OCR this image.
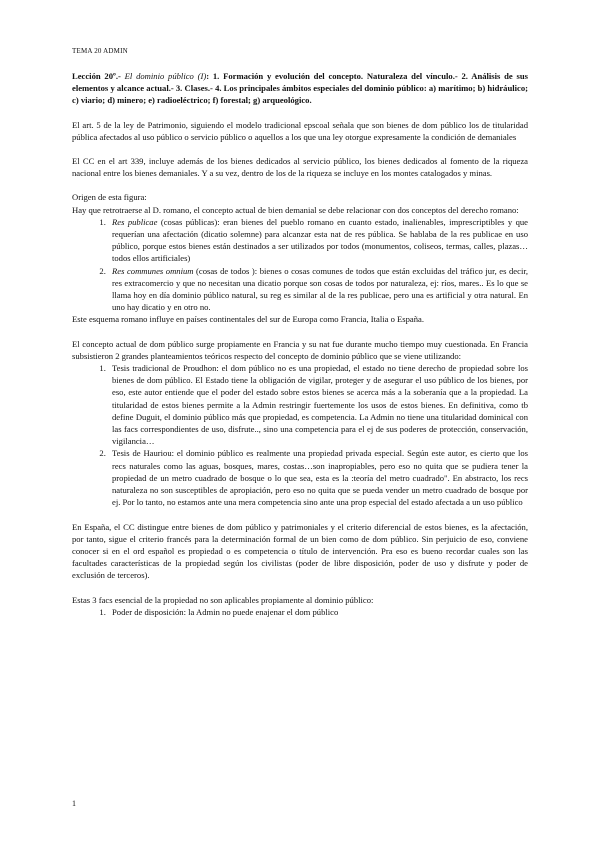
TEMA 20 ADMIN

Lección 20º.- El dominio público (I): 1. Formación y evolución del concepto. Naturaleza del vínculo.- 2. Análisis de sus elementos y alcance actual.- 3. Clases.- 4. Los principales ámbitos especiales del dominio público: a) marítimo; b) hidráulico; c) viario; d) minero; e) radioeléctrico; f) forestal; g) arqueológico.

El art. 5 de la ley de Patrimonio, siguiendo el modelo tradicional epscoal señala que son bienes de dom público los de titularidad pública afectados al uso público o servicio público o aquellos a los que una ley otorgue expresamente la condición de demaniales

El CC en el art 339, incluye además de los bienes dedicados al servicio público, los bienes dedicados al fomento de la riqueza nacional entre los bienes demaniales. Y a su vez, dentro de los de la riqueza se incluye en los montes catalogados y minas.

Origen de esta figura:

Hay que retrotraerse al D. romano, el concepto actual de bien demanial se debe relacionar con dos conceptos del derecho romano:

1. Res publicae (cosas públicas): eran bienes del pueblo romano en cuanto estado, inalienables, imprescriptibles y que requerían una afectación (dicatio solemne) para alcanzar esta nat de res pública. Se hablaba de la res publicae en uso público, porque estos bienes están destinados a ser utilizados por todos (monumentos, coliseos, termas, calles, plazas…todos ellos artificiales)
2. Res communes omnium (cosas de todos ): bienes o cosas comunes de todos que están excluidas del tráfico jur, es decir, res extracomercio y que no necesitan una dicatio porque son cosas de todos por naturaleza, ej: ríos, mares.. Es lo que se llama hoy en día dominio público natural, su reg es similar al de la res publicae, pero una es artificial y otra natural. En uno hay dicatio y en otro no.

Este esquema romano influye en países continentales del sur de Europa como Francia, Italia o España.

El concepto actual de dom público surge propiamente en Francia y su nat fue durante mucho tiempo muy cuestionada. En Francia subsistieron 2 grandes planteamientos teóricos respecto del concepto de dominio público que se viene utilizando:

1. Tesis tradicional de Proudhon: el dom público no es una propiedad, el estado no tiene derecho de propiedad sobre los bienes de dom público. El Estado tiene la obligación de vigilar, proteger y de asegurar el uso público de los bienes, por eso, este autor entiende que el poder del estado sobre estos bienes se acerca más a la soberanía que a la propiedad. La titularidad de estos bienes permite a la Admin restringir fuertemente los usos de estos bienes. En definitiva, como tb define Duguit, el dominio público más que propiedad, es competencia. La Admin no tiene una titularidad dominical con las facs correspondientes de uso, disfrute.., sino una competencia para el ej de sus poderes de protección, conservación, vigilancia…
2. Tesis de Hauriou: el dominio público es realmente una propiedad privada especial. Según este autor, es cierto que los recs naturales como las aguas, bosques, mares, costas…son inapropiables, pero eso no quita que se pudiera tener la propiedad de un metro cuadrado de bosque o lo que sea, esta es la :teoría del metro cuadrado". En abstracto, los recs naturaleza no son susceptibles de apropiación, pero eso no quita que se pueda vender un metro cuadrado de bosque por ej. Por lo tanto, no estamos ante una mera competencia sino ante una prop especial del estado afectada a un uso público

En España, el CC distingue entre bienes de dom público y patrimoniales y el criterio diferencial de estos bienes, es la afectación, por tanto, sigue el criterio francés para la determinación formal de un bien como de dom público. Sin perjuicio de eso, conviene conocer si en el ord español es propiedad o es competencia o título de intervención. Pra eso es bueno recordar cuales son las facultades características de la propiedad según los civilistas (poder de libre disposición, poder de uso y disfrute y poder de exclusión de terceros).

Estas 3 facs esencial de la propiedad no son aplicables propiamente al dominio público:

1. Poder de disposición: la Admin no puede enajenar el dom público
1
